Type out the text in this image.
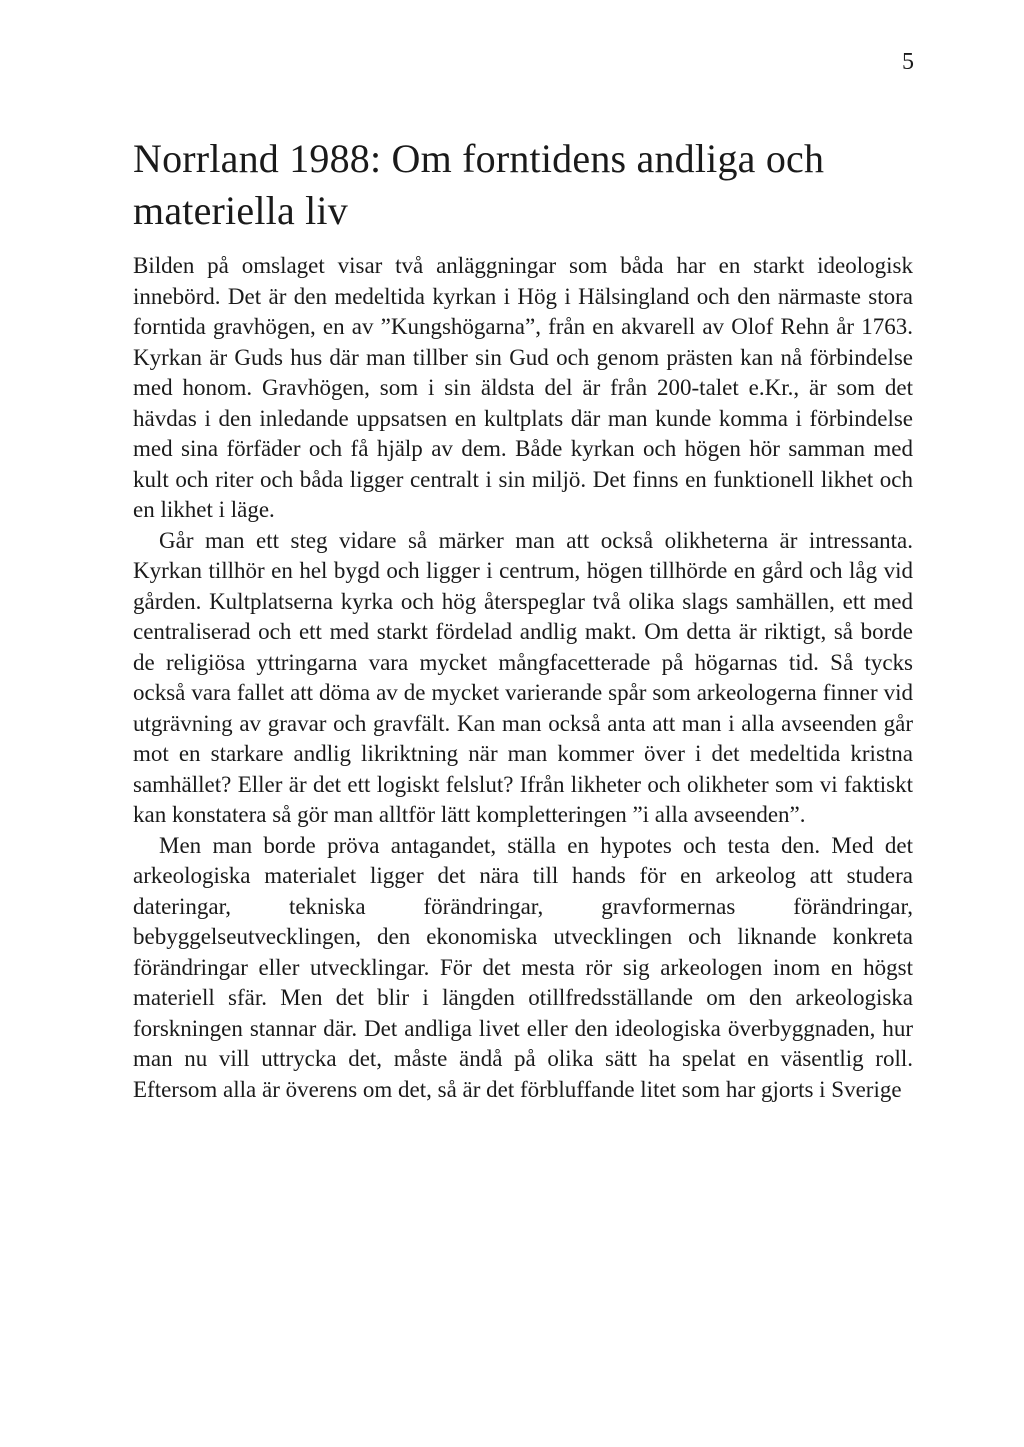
5
Norrland 1988: Om forntidens andliga och materiella liv

Bilden på omslaget visar två anläggningar som båda har en starkt ideologisk innebörd. Det är den medeltida kyrkan i Hög i Hälsingland och den närmaste stora forntida gravhögen, en av ”Kungshögarna”, från en akvarell av Olof Rehn år 1763. Kyrkan är Guds hus där man tillber sin Gud och genom prästen kan nå förbindelse med honom. Gravhögen, som i sin äldsta del är från 200-talet e.Kr., är som det hävdas i den inledande uppsatsen en kultplats där man kunde komma i förbindelse med sina förfäder och få hjälp av dem. Både kyrkan och högen hör samman med kult och riter och båda ligger centralt i sin miljö. Det finns en funktionell likhet och en likhet i läge.

Går man ett steg vidare så märker man att också olikheterna är intressanta. Kyrkan tillhör en hel bygd och ligger i centrum, högen tillhörde en gård och låg vid gården. Kultplatserna kyrka och hög återspeglar två olika slags samhällen, ett med centraliserad och ett med starkt fördelad andlig makt. Om detta är riktigt, så borde de religiösa yttringarna vara mycket mångfacetterade på högarnas tid. Så tycks också vara fallet att döma av de mycket varierande spår som arkeologerna finner vid utgrävning av gravar och gravfält. Kan man också anta att man i alla avseenden går mot en starkare andlig likriktning när man kommer över i det medeltida kristna samhället? Eller är det ett logiskt felslut? Ifrån likheter och olikheter som vi faktiskt kan konstatera så gör man alltför lätt kompletteringen ”i alla avseenden”.

Men man borde pröva antagandet, ställa en hypotes och testa den. Med det arkeologiska materialet ligger det nära till hands för en arkeolog att studera dateringar, tekniska förändringar, gravformernas förändringar, bebyggelseutvecklingen, den ekonomiska utvecklingen och liknande konkreta förändringar eller utvecklingar. För det mesta rör sig arkeologen inom en högst materiell sfär. Men det blir i längden otillfredsställande om den arkeologiska forskningen stannar där. Det andliga livet eller den ideologiska överbyggnaden, hur man nu vill uttrycka det, måste ändå på olika sätt ha spelat en väsentlig roll. Eftersom alla är överens om det, så är det förbluffande litet som har gjorts i Sverige
